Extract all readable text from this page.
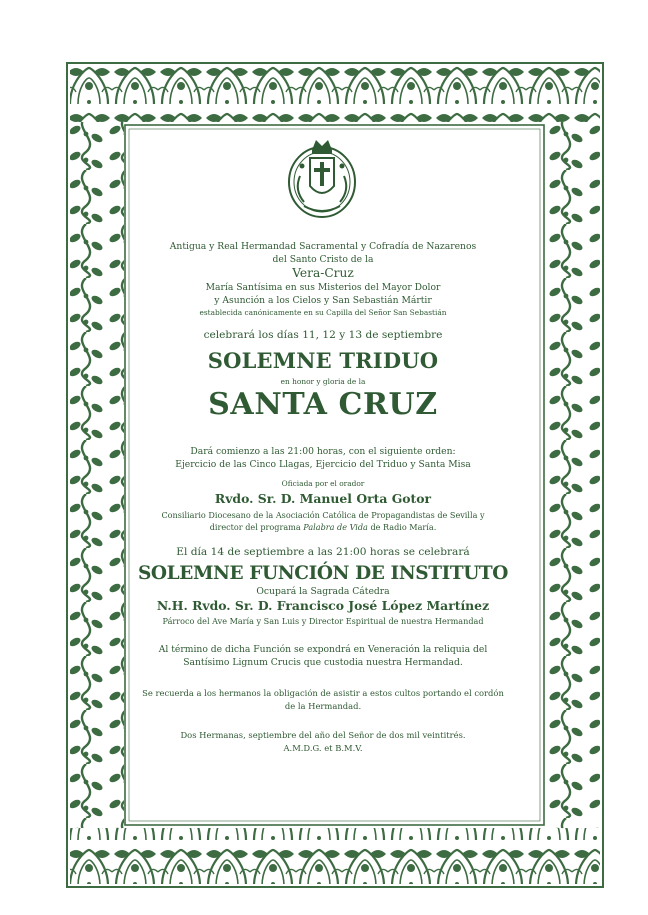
Antigua y Real Hermandad Sacramental y Cofradía de Nazarenos

del Santo Cristo de la

Vera-Cruz

María Santísima en sus Misterios del Mayor Dolor

y Asunción a los Cielos y San Sebastián Mártir

establecida canónicamente en su Capilla del Señor San Sebastián

celebrará los días 11, 12 y 13 de septiembre

SOLEMNE TRIDUO

en honor y gloria de la

SANTA CRUZ

Dará comienzo a las 21:00 horas, con el siguiente orden:

Ejercicio de las Cinco Llagas, Ejercicio del Triduo y Santa Misa

Oficiada por el orador

Rvdo. Sr. D. Manuel Orta Gotor

Consiliario Diocesano de la Asociación Católica de Propagandistas de Sevilla y

director del programa Palabra de Vida de Radio María.

El día 14 de septiembre a las 21:00 horas se celebrará

SOLEMNE FUNCIÓN DE INSTITUTO

Ocupará la Sagrada Cátedra

N.H. Rvdo. Sr. D. Francisco José López Martínez

Párroco del Ave María y San Luis y Director Espiritual de nuestra Hermandad

Al término de dicha Función se expondrá en Veneración la reliquia del

Santísimo Lignum Crucis que custodia nuestra Hermandad.

Se recuerda a los hermanos la obligación de asistir a estos cultos portando el cordón

de la Hermandad.

Dos Hermanas, septiembre del año del Señor de dos mil veintitrés.

A.M.D.G. et B.M.V.
